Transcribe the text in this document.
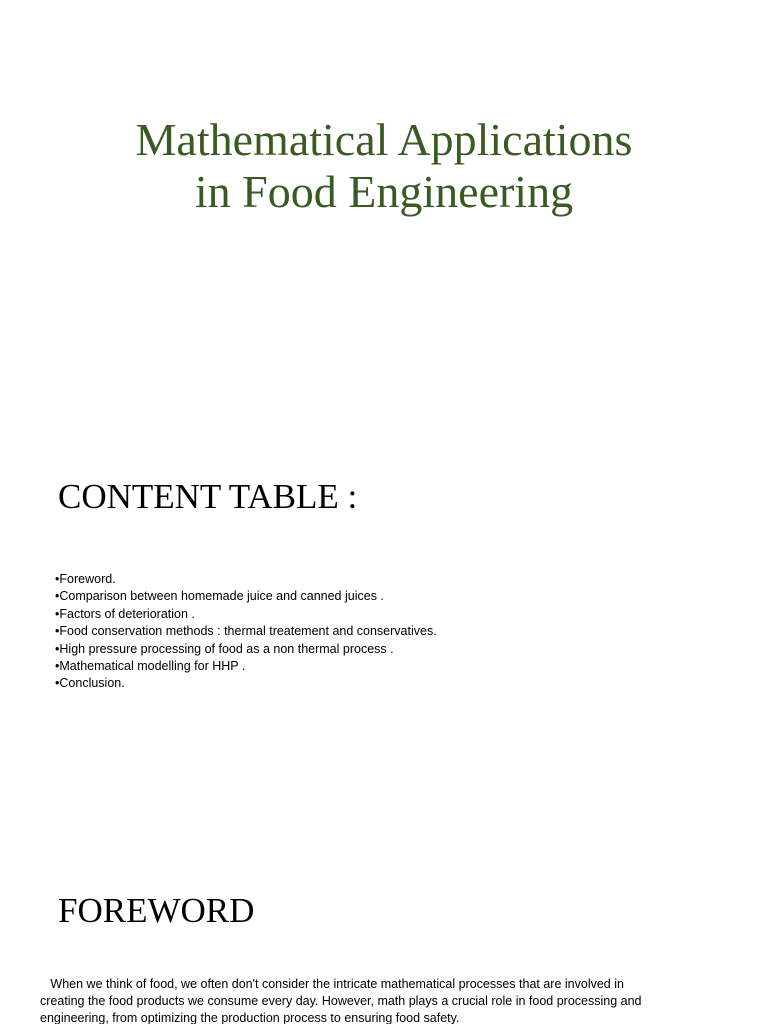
Mathematical Applications
in Food Engineering
CONTENT TABLE :
•Foreword.
•Comparison between homemade juice and canned juices .
•Factors of deterioration .
•Food conservation methods : thermal treatement and conservatives.
•High pressure processing of food as a non thermal process .
•Mathematical modelling for HHP .
•Conclusion.
FOREWORD

When we think of food, we often don't consider the intricate mathematical processes that are involved in
creating the food products we consume every day. However, math plays a crucial role in food processing and
engineering, from optimizing the production process to ensuring food safety.
